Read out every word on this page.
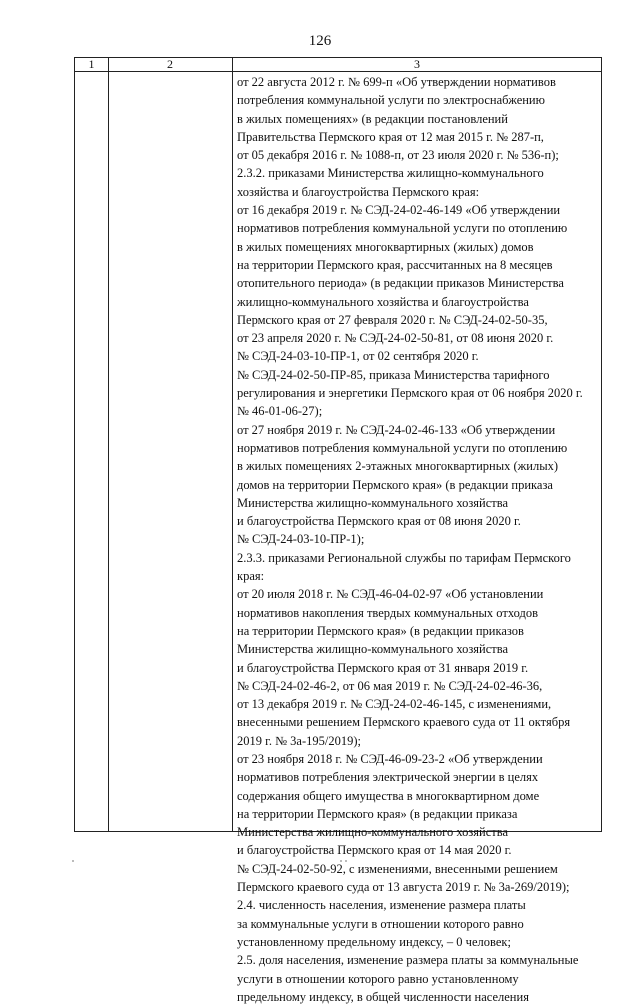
126
1	2	3
от 22 августа 2012 г. № 699-п «Об утверждении нормативов
потребления коммунальной услуги по электроснабжению
в жилых помещениях» (в редакции постановлений
Правительства Пермского края от 12 мая 2015 г. № 287-п,
от 05 декабря 2016 г. № 1088-п, от 23 июля 2020 г. № 536-п);
2.3.2. приказами Министерства жилищно-коммунального
хозяйства и благоустройства Пермского края:
от 16 декабря 2019 г. № СЭД-24-02-46-149 «Об утверждении
нормативов потребления коммунальной услуги по отоплению
в жилых помещениях многоквартирных (жилых) домов
на территории Пермского края, рассчитанных на 8 месяцев
отопительного периода» (в редакции приказов Министерства
жилищно-коммунального хозяйства и благоустройства
Пермского края от 27 февраля 2020 г. № СЭД-24-02-50-35,
от 23 апреля 2020 г. № СЭД-24-02-50-81, от 08 июня 2020 г.
№ СЭД-24-03-10-ПР-1, от 02 сентября 2020 г.
№ СЭД-24-02-50-ПР-85, приказа Министерства тарифного
регулирования и энергетики Пермского края от 06 ноября 2020 г.
№ 46-01-06-27);
от 27 ноября 2019 г. № СЭД-24-02-46-133 «Об утверждении
нормативов потребления коммунальной услуги по отоплению
в жилых помещениях 2-этажных многоквартирных (жилых)
домов на территории Пермского края» (в редакции приказа
Министерства жилищно-коммунального хозяйства
и благоустройства Пермского края от 08 июня 2020 г.
№ СЭД-24-03-10-ПР-1);
2.3.3. приказами Региональной службы по тарифам Пермского
края:
от 20 июля 2018 г. № СЭД-46-04-02-97 «Об установлении
нормативов накопления твердых коммунальных отходов
на территории Пермского края» (в редакции приказов
Министерства жилищно-коммунального хозяйства
и благоустройства Пермского края от 31 января 2019 г.
№ СЭД-24-02-46-2, от 06 мая 2019 г. № СЭД-24-02-46-36,
от 13 декабря 2019 г. № СЭД-24-02-46-145, с изменениями,
внесенными решением Пермского краевого суда от 11 октября
2019 г. № 3а-195/2019);
от 23 ноября 2018 г. № СЭД-46-09-23-2 «Об утверждении
нормативов потребления электрической энергии в целях
содержания общего имущества в многоквартирном доме
на территории Пермского края» (в редакции приказа
Министерства жилищно-коммунального хозяйства
и благоустройства Пермского края от 14 мая 2020 г.
№ СЭД-24-02-50-92, с изменениями, внесенными решением
Пермского краевого суда от 13 августа 2019 г. № 3а-269/2019);
2.4. численность населения, изменение размера платы
за коммунальные услуги в отношении которого равно
установленному предельному индексу, – 0 человек;
2.5. доля населения, изменение размера платы за коммунальные
услуги в отношении которого равно установленному
предельному индексу, в общей численности населения
